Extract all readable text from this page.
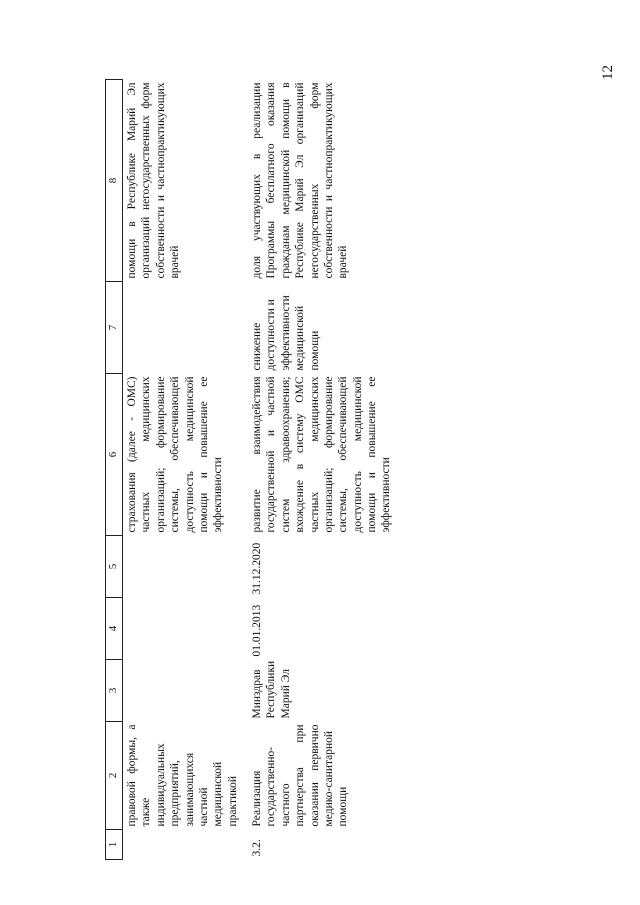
12
1	2	3	4	5	6	7	8
	правовой формы, а также индивидуальных предприятий, занимающихся частной медицинской практикой				страхования (далее - ОМС) частных медицинских организаций; формирование системы, обеспечивающей доступность медицинской помощи и повышение ее эффективности		помощи в Республике Марий Эл организаций негосударственных форм собственности и частнопрактикующих врачей
3.2.	Реализация государственно-частного партнерства при оказании первично медико-санитарной помощи	Минздрав Республики Марий Эл	01.01.2013	31.12.2020	развитие взаимодействия государственной и частной систем здравоохранения; вхождение в систему ОМС частных медицинских организаций; формирование системы, обеспечивающей доступность медицинской помощи и повышение ее эффективности	снижение доступности и эффективности медицинской помощи	доля участвующих в реализации Программы бесплатного оказания гражданам медицинской помощи в Республике Марий Эл организаций негосударственных форм собственности и частнопрактикующих врачей
